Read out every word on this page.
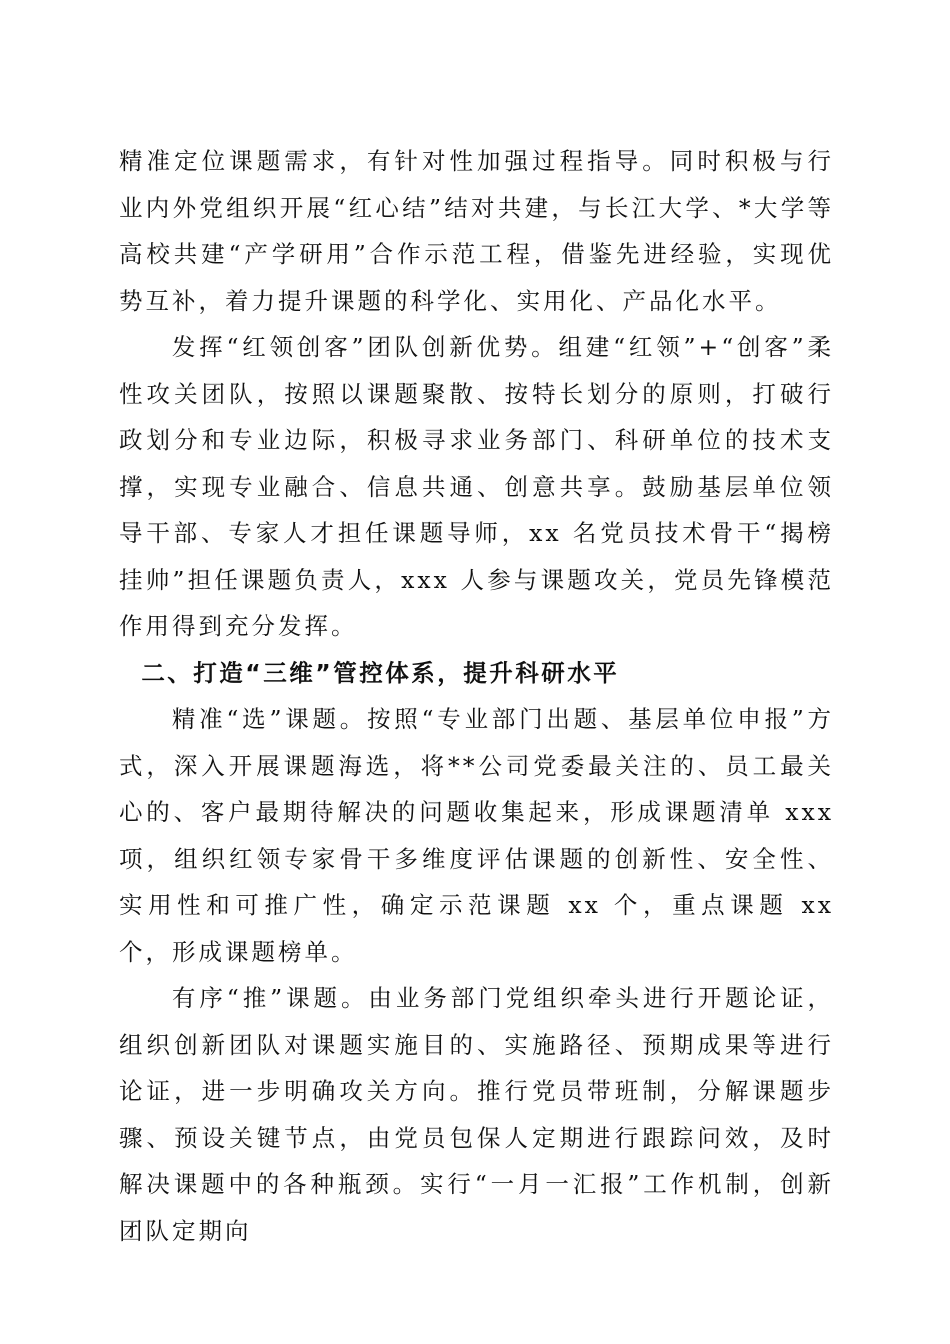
精准定位课题需求，有针对性加强过程指导。同时积极与行业内外党组织开展“红心结”结对共建，与长江大学、*大学等高校共建“产学研用”合作示范工程，借鉴先进经验，实现优势互补，着力提升课题的科学化、实用化、产品化水平。

发挥“红领创客”团队创新优势。组建“红领”+“创客”柔性攻关团队，按照以课题聚散、按特长划分的原则，打破行政划分和专业边际，积极寻求业务部门、科研单位的技术支撑，实现专业融合、信息共通、创意共享。鼓励基层单位领导干部、专家人才担任课题导师，xx 名党员技术骨干“揭榜挂帅”担任课题负责人，xxx 人参与课题攻关，党员先锋模范作用得到充分发挥。

二、打造“三维”管控体系，提升科研水平

精准“选”课题。按照“专业部门出题、基层单位申报”方式，深入开展课题海选，将**公司党委最关注的、员工最关心的、客户最期待解决的问题收集起来，形成课题清单 xxx 项，组织红领专家骨干多维度评估课题的创新性、安全性、实用性和可推广性，确定示范课题 xx 个，重点课题 xx 个，形成课题榜单。

有序“推”课题。由业务部门党组织牵头进行开题论证，组织创新团队对课题实施目的、实施路径、预期成果等进行论证，进一步明确攻关方向。推行党员带班制，分解课题步骤、预设关键节点，由党员包保人定期进行跟踪问效，及时解决课题中的各种瓶颈。实行“一月一汇报”工作机制，创新团队定期向
